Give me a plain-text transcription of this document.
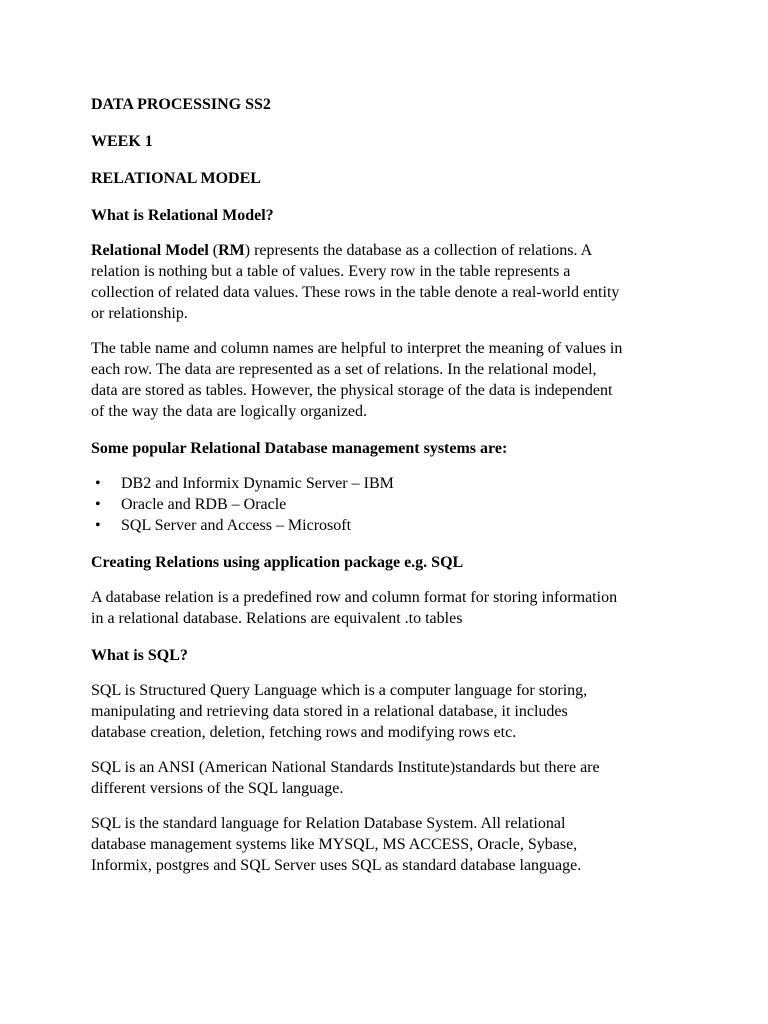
DATA PROCESSING SS2

WEEK 1

RELATIONAL MODEL

What is Relational Model?

Relational Model (RM) represents the database as a collection of relations. A
relation is nothing but a table of values. Every row in the table represents a
collection of related data values. These rows in the table denote a real-world entity
or relationship.
The table name and column names are helpful to interpret the meaning of values in
each row. The data are represented as a set of relations. In the relational model,
data are stored as tables. However, the physical storage of the data is independent
of the way the data are logically organized.

Some popular Relational Database management systems are:

• DB2 and Informix Dynamic Server – IBM
• Oracle and RDB – Oracle
• SQL Server and Access – Microsoft

Creating Relations using application package e.g. SQL

A database relation is a predefined row and column format for storing information
in a relational database. Relations are equivalent .to tables

What is SQL?

SQL is Structured Query Language which is a computer language for storing,
manipulating and retrieving data stored in a relational database, it includes
database creation, deletion, fetching rows and modifying rows etc.
SQL is an ANSI (American National Standards Institute)standards but there are
different versions of the SQL language.
SQL is the standard language for Relation Database System. All relational
database management systems like MYSQL, MS ACCESS, Oracle, Sybase,
Informix, postgres and SQL Server uses SQL as standard database language.
